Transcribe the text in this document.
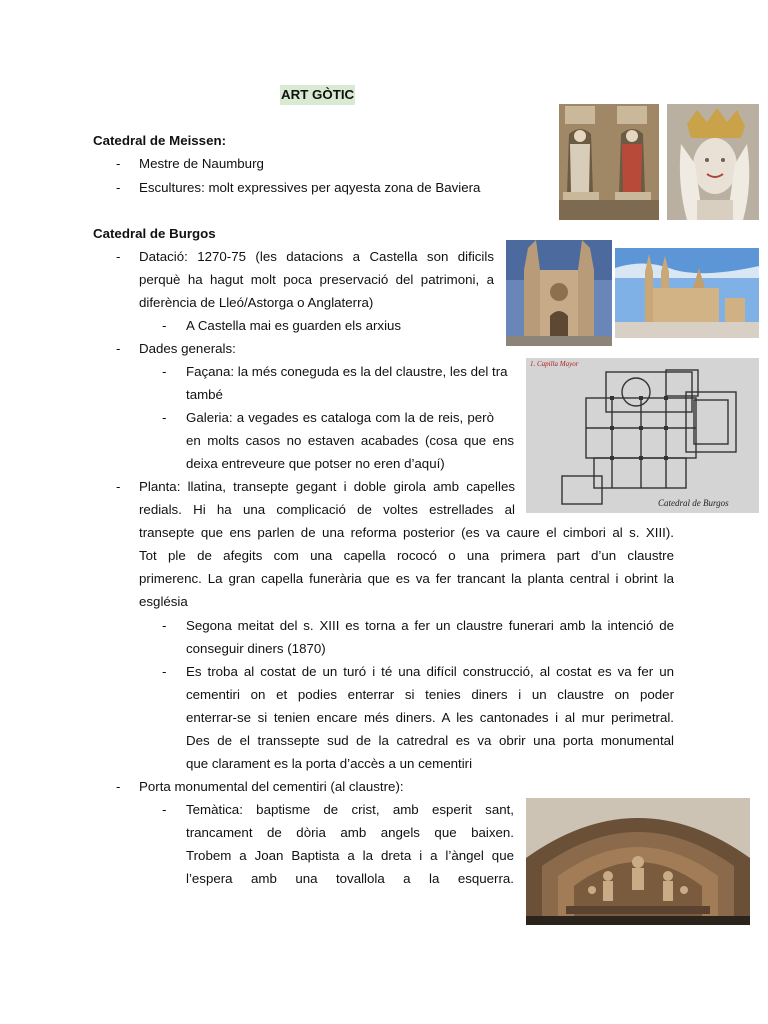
ART GÒTIC
Catedral de Meissen:
- Mestre de Naumburg
- Escultures: molt expressives per aqyesta zona de Baviera
Catedral de Burgos
- Datació: 1270-75 (les datacions a Castella son dificils
perquè ha hagut molt poca preservació del patrimoni, a
diferència de Lleó/Astorga o Anglaterra)
- A Castella mai es guarden els arxius
- Dades generals:
- Façana: la més coneguda es la del claustre, les del tra
també
- Galeria: a vegades es cataloga com la de reis, però
en molts casos no estaven acabades (cosa que ens
deixa entreveure que potser no eren d’aquí)
- Planta: llatina, transepte gegant i doble girola amb capelles
redials. Hi ha una complicació de voltes estrellades al
transepte que ens parlen de una reforma posterior (es va caure el cimbori al s. XIII).
Tot ple de afegits com una capella rococó o una primera part d’un claustre
primerenc. La gran capella funerària que es va fer trancant la planta central i obrint la
església
- Segona meitat del s. XIII es torna a fer un claustre funerari amb la intenció de
conseguir diners (1870)
- Es troba al costat de un turó i té una difícil construcció, al costat es va fer un
cementiri on et podies enterrar si tenies diners i un claustre on poder
enterrar-se si tenien encare més diners. A les cantonades i al mur perimetral.
Des de el transsepte sud de la catredral es va obrir una porta monumental
que clarament es la porta d’accès a un cementiri
- Porta monumental del cementiri (al claustre):
- Temàtica: baptisme de crist, amb esperit sant,
trancament de dòria amb angels que baixen.
Trobem a Joan Baptista a la dreta i a l’àngel que
l’espera amb una tovallola a la esquerra.
1. Capilla Mayor
Catedral de Burgos
